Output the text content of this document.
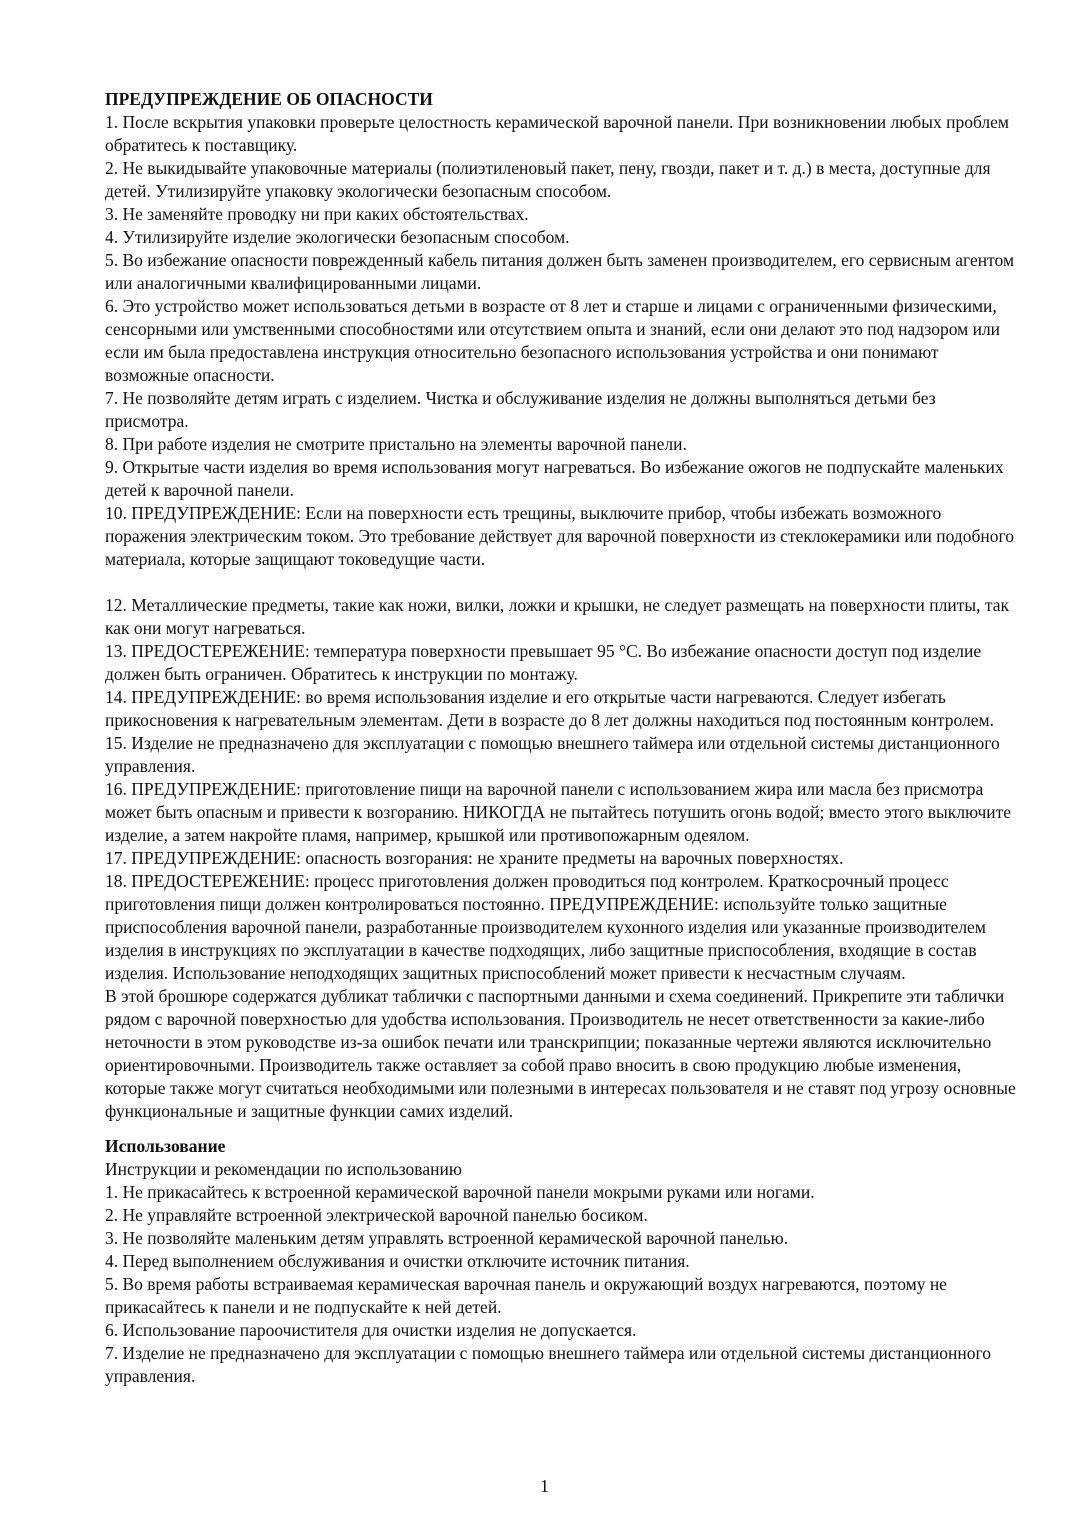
ПРЕДУПРЕЖДЕНИЕ ОБ ОПАСНОСТИ

1. После вскрытия упаковки проверьте целостность керамической варочной панели. При возникновении любых проблем обратитесь к поставщику.

2. Не выкидывайте упаковочные материалы (полиэтиленовый пакет, пену, гвозди, пакет и т. д.) в места, доступные для детей. Утилизируйте упаковку экологически безопасным способом.

3. Не заменяйте проводку ни при каких обстоятельствах.

4. Утилизируйте изделие экологически безопасным способом.

5. Во избежание опасности поврежденный кабель питания должен быть заменен производителем, его сервисным агентом или аналогичными квалифицированными лицами.

6. Это устройство может использоваться детьми в возрасте от 8 лет и старше и лицами с ограниченными физическими, сенсорными или умственными способностями или отсутствием опыта и знаний, если они делают это под надзором или если им была предоставлена инструкция относительно безопасного использования устройства и они понимают возможные опасности.

7. Не позволяйте детям играть с изделием. Чистка и обслуживание изделия не должны выполняться детьми без присмотра.

8. При работе изделия не смотрите пристально на элементы варочной панели.

9. Открытые части изделия во время использования могут нагреваться. Во избежание ожогов не подпускайте маленьких детей к варочной панели.

10. ПРЕДУПРЕЖДЕНИЕ: Если на поверхности есть трещины, выключите прибор, чтобы избежать возможного поражения электрическим током. Это требование действует для варочной поверхности из стеклокерамики или подобного материала, которые защищают токоведущие части.

12. Металлические предметы, такие как ножи, вилки, ложки и крышки, не следует размещать на поверхности плиты, так как они могут нагреваться.

13. ПРЕДОСТЕРЕЖЕНИЕ: температура поверхности превышает 95 °C. Во избежание опасности доступ под изделие должен быть ограничен. Обратитесь к инструкции по монтажу.

14. ПРЕДУПРЕЖДЕНИЕ: во время использования изделие и его открытые части нагреваются. Следует избегать прикосновения к нагревательным элементам. Дети в возрасте до 8 лет должны находиться под постоянным контролем.

15. Изделие не предназначено для эксплуатации с помощью внешнего таймера или отдельной системы дистанционного управления.

16. ПРЕДУПРЕЖДЕНИЕ: приготовление пищи на варочной панели с использованием жира или масла без присмотра может быть опасным и привести к возгоранию. НИКОГДА не пытайтесь потушить огонь водой; вместо этого выключите изделие, а затем накройте пламя, например, крышкой или противопожарным одеялом.

17. ПРЕДУПРЕЖДЕНИЕ: опасность возгорания: не храните предметы на варочных поверхностях.

18. ПРЕДОСТЕРЕЖЕНИЕ: процесс приготовления должен проводиться под контролем. Краткосрочный процесс приготовления пищи должен контролироваться постоянно. ПРЕДУПРЕЖДЕНИЕ: используйте только защитные приспособления варочной панели, разработанные производителем кухонного изделия или указанные производителем изделия в инструкциях по эксплуатации в качестве подходящих, либо защитные приспособления, входящие в состав изделия. Использование неподходящих защитных приспособлений может привести к несчастным случаям.

В этой брошюре содержатся дубликат таблички с паспортными данными и схема соединений. Прикрепите эти таблички рядом с варочной поверхностью для удобства использования. Производитель не несет ответственности за какие-либо неточности в этом руководстве из-за ошибок печати или транскрипции; показанные чертежи являются исключительно ориентировочными. Производитель также оставляет за собой право вносить в свою продукцию любые изменения, которые также могут считаться необходимыми или полезными в интересах пользователя и не ставят под угрозу основные функциональные и защитные функции самих изделий.

Использование

Инструкции и рекомендации по использованию

1. Не прикасайтесь к встроенной керамической варочной панели мокрыми руками или ногами.

2. Не управляйте встроенной электрической варочной панелью босиком.

3. Не позволяйте маленьким детям управлять встроенной керамической варочной панелью.

4. Перед выполнением обслуживания и очистки отключите источник питания.

5. Во время работы встраиваемая керамическая варочная панель и окружающий воздух нагреваются, поэтому не прикасайтесь к панели и не подпускайте к ней детей.

6. Использование пароочистителя для очистки изделия не допускается.

7. Изделие не предназначено для эксплуатации с помощью внешнего таймера или отдельной системы дистанционного управления.

1
